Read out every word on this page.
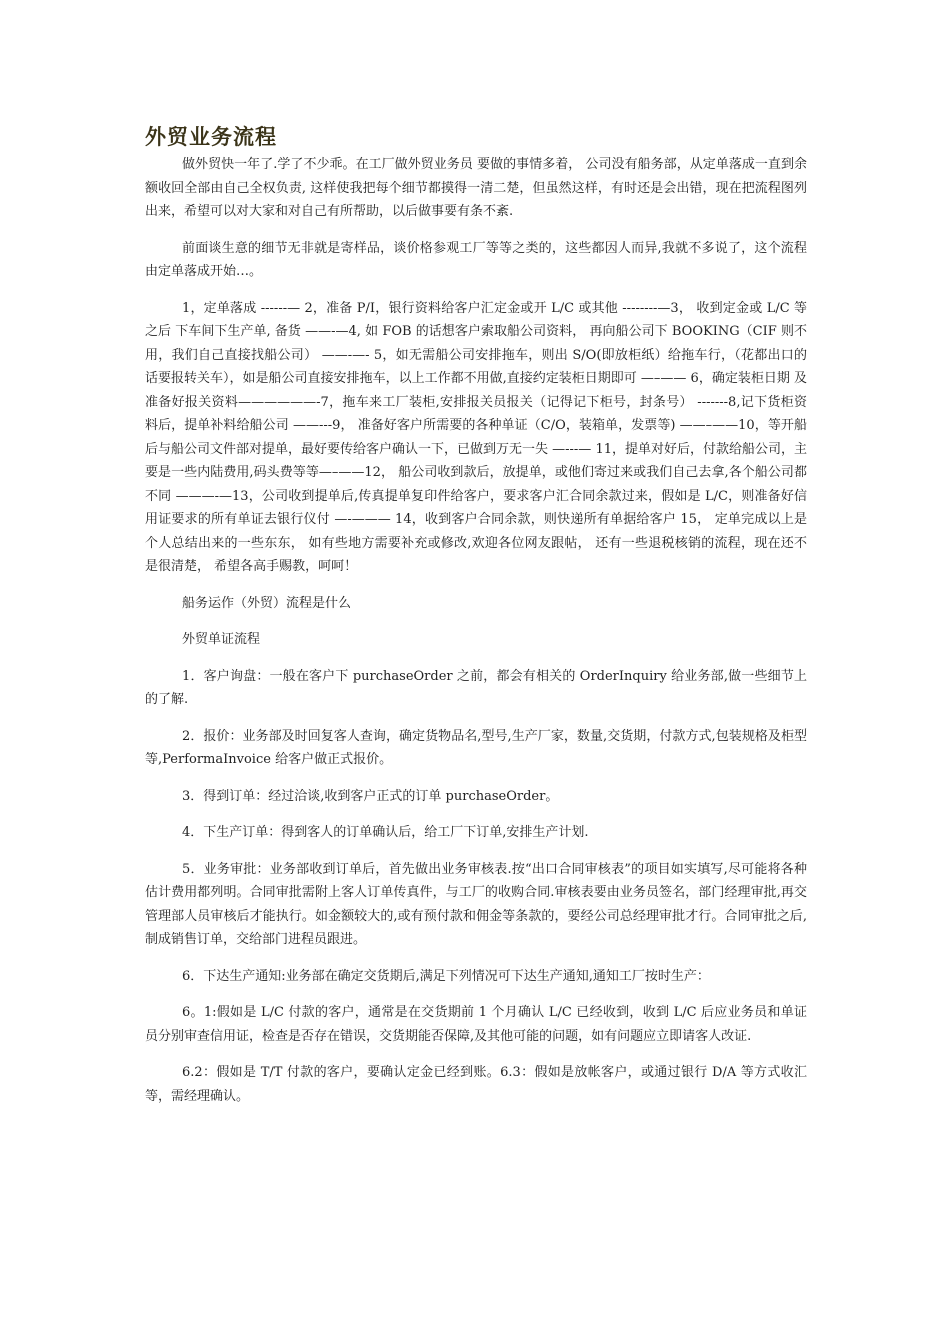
外贸业务流程

做外贸快一年了.学了不少乖。在工厂做外贸业务员 要做的事情多着， 公司没有船务部，从定单落成一直到余额收回全部由自己全权负责, 这样使我把每个细节都摸得一清二楚，但虽然这样，有时还是会出错，现在把流程图列出来，希望可以对大家和对自己有所帮助，以后做事要有条不紊.

前面谈生意的细节无非就是寄样品，谈价格参观工厂等等之类的，这些都因人而异,我就不多说了，这个流程由定单落成开始…。

1，定单落成 ------— 2，准备 P/I，银行资料给客户汇定金或开 L/C 或其他 --------—3， 收到定金或 L/C 等之后 下车间下生产单, 备货 ——-—4, 如 FOB 的话想客户索取船公司资料， 再向船公司下 BOOKING（CIF 则不用，我们自己直接找船公司） ——-—- 5，如无需船公司安排拖车，则出 S/O(即放柜纸）给拖车行，（花都出口的话要报转关车），如是船公司直接安排拖车，以上工作都不用做,直接约定装柜日期即可 —–—— 6，确定装柜日期 及准备好报关资料——————-7，拖车来工厂装柜,安排报关员报关（记得记下柜号，封条号） -------8,记下货柜资料后，提单补料给船公司 ——---9， 准备好客户所需要的各种单证（C/O，装箱单，发票等) ——–——10，等开船后与船公司文件部对提单，最好要传给客户确认一下，已做到万无一失 —---— 11，提单对好后，付款给船公司，主要是一些内陆费用,码头费等等—–——12， 船公司收到款后，放提单，或他们寄过来或我们自己去拿,各个船公司都不同 ———-—13，公司收到提单后,传真提单复印件给客户，要求客户汇合同余款过来，假如是 L/C，则准备好信用证要求的所有单证去银行仪付 —-——— 14，收到客户合同余款，则快递所有单据给客户 15， 定单完成以上是个人总结出来的一些东东， 如有些地方需要补充或修改,欢迎各位网友跟帖， 还有一些退税核销的流程，现在还不是很清楚， 希望各高手赐教，呵呵！

船务运作（外贸）流程是什么

外贸单证流程

1．客户询盘：一般在客户下 purchaseOrder 之前，都会有相关的 OrderInquiry 给业务部,做一些细节上的了解.

2．报价：业务部及时回复客人查询，确定货物品名,型号,生产厂家，数量,交货期，付款方式,包装规格及柜型等,PerformaInvoice 给客户做正式报价。

3．得到订单：经过洽谈,收到客户正式的订单 purchaseOrder。

4．下生产订单：得到客人的订单确认后，给工厂下订单,安排生产计划.

5．业务审批：业务部收到订单后，首先做出业务审核表.按“出口合同审核表”的项目如实填写,尽可能将各种估计费用都列明。合同审批需附上客人订单传真件，与工厂的收购合同.审核表要由业务员签名，部门经理审批,再交管理部人员审核后才能执行。如金额较大的,或有预付款和佣金等条款的，要经公司总经理审批才行。合同审批之后,制成销售订单，交给部门进程员跟进。

6．下达生产通知:业务部在确定交货期后,满足下列情况可下达生产通知,通知工厂按时生产：

6。1:假如是 L/C 付款的客户，通常是在交货期前 1 个月确认 L/C 已经收到，收到 L/C 后应业务员和单证员分别审查信用证，检查是否存在错误，交货期能否保障,及其他可能的问题，如有问题应立即请客人改证.

6.2：假如是 T/T 付款的客户，要确认定金已经到账。6.3：假如是放帐客户，或通过银行 D/A 等方式收汇等，需经理确认。
